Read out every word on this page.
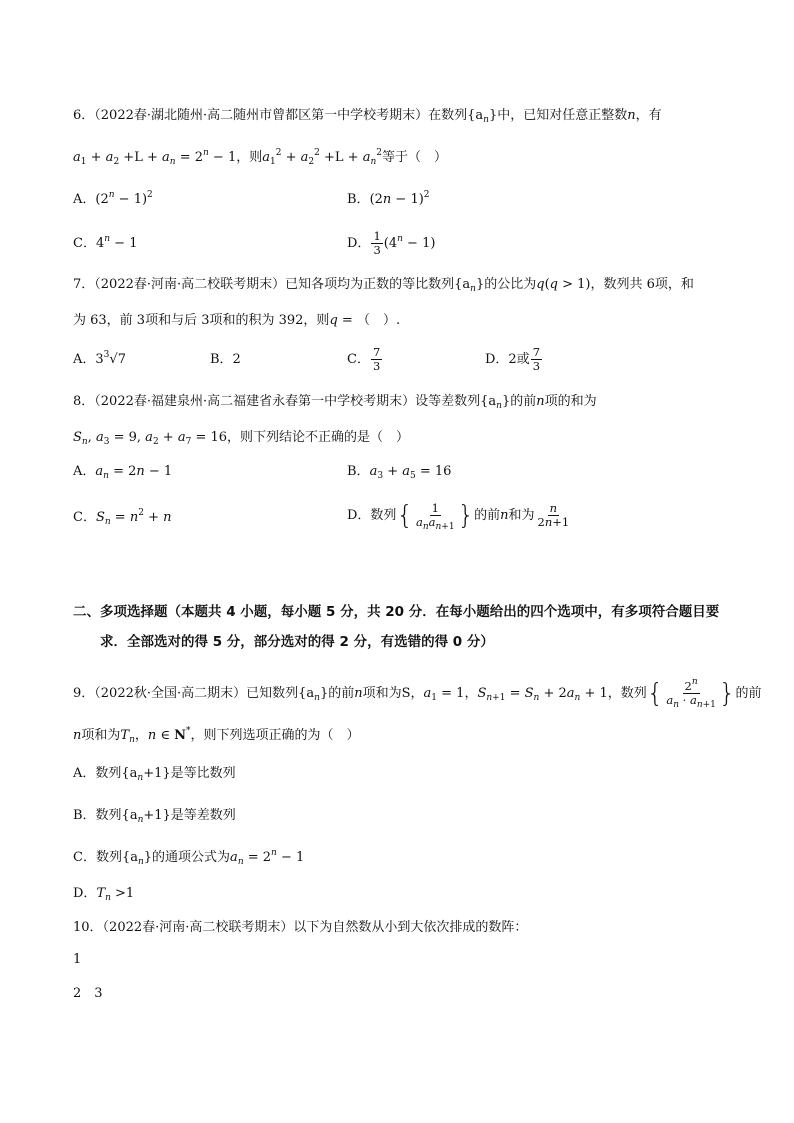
6．（2022春·湖北随州·高二随州市曾都区第一中学校考期末）在数列$\{a_n\}$中，已知对任意正整数n，有
$a_1 + a_2 +L + a_n = 2^n - 1$，则$a_1^2 + a_2^2 +L + a_n^2$等于（　）
A．$(2^n - 1)^2$	B．$(2n - 1)^2$
C．$4^n - 1$	D． $\frac{1}{3} (4^n - 1)$
7．（2022春·河南·高二校联考期末）已知各项均为正数的等比数列$\{a_n\}$的公比为q(q > 1)，数列共 6项，和
为 63，前 3项和与后 3项和的积为 392，则q = （　）.
A．$3^3√7$	B．2	C． $\frac{7}{3}$	D．2或 $\frac{7}{3}$
8．（2022春·福建泉州·高二福建省永春第一中学校考期末）设等差数列$\{a_n\}$的前n项的和为
$S_n$, $a_3 = 9$, $a_2 + a_7 = 16$，则下列结论不正确的是（　）
A．$a_n = 2n - 1$	B．$a_3 + a_5 = 16$
C．$S_n = n^2 + n$	D．数列{ $\frac{1}{a_na_{n+1}}$ }的前n和为 $\frac{n}{2n+1}$
二、多项选择题（本题共 4 小题，每小题 5 分，共 20 分．在每小题给出的四个选项中，有多项符合题目要
求．全部选对的得 5 分，部分选对的得 2 分，有选错的得 0 分）
9．（2022秋·全国·高二期末）已知数列$\{a_n\}$的前n项和为S，$a_1 = 1$，$S_{n+1} = S_n + 2a_n + 1$，数列{ $\frac{2^n}{a_n \cdot a_{n+1}}$ }的前
n项和为$T_n$，n ∈ N*，则下列选项正确的为（　）
A．数列$\{a_n+1\}$是等比数列
B．数列$\{a_n+1\}$是等差数列
C．数列$\{a_n\}$的通项公式为$a_n = 2^n - 1$
D．$T_n >1$
10．（2022春·河南·高二校联考期末）以下为自然数从小到大依次排成的数阵：
1
2　3
